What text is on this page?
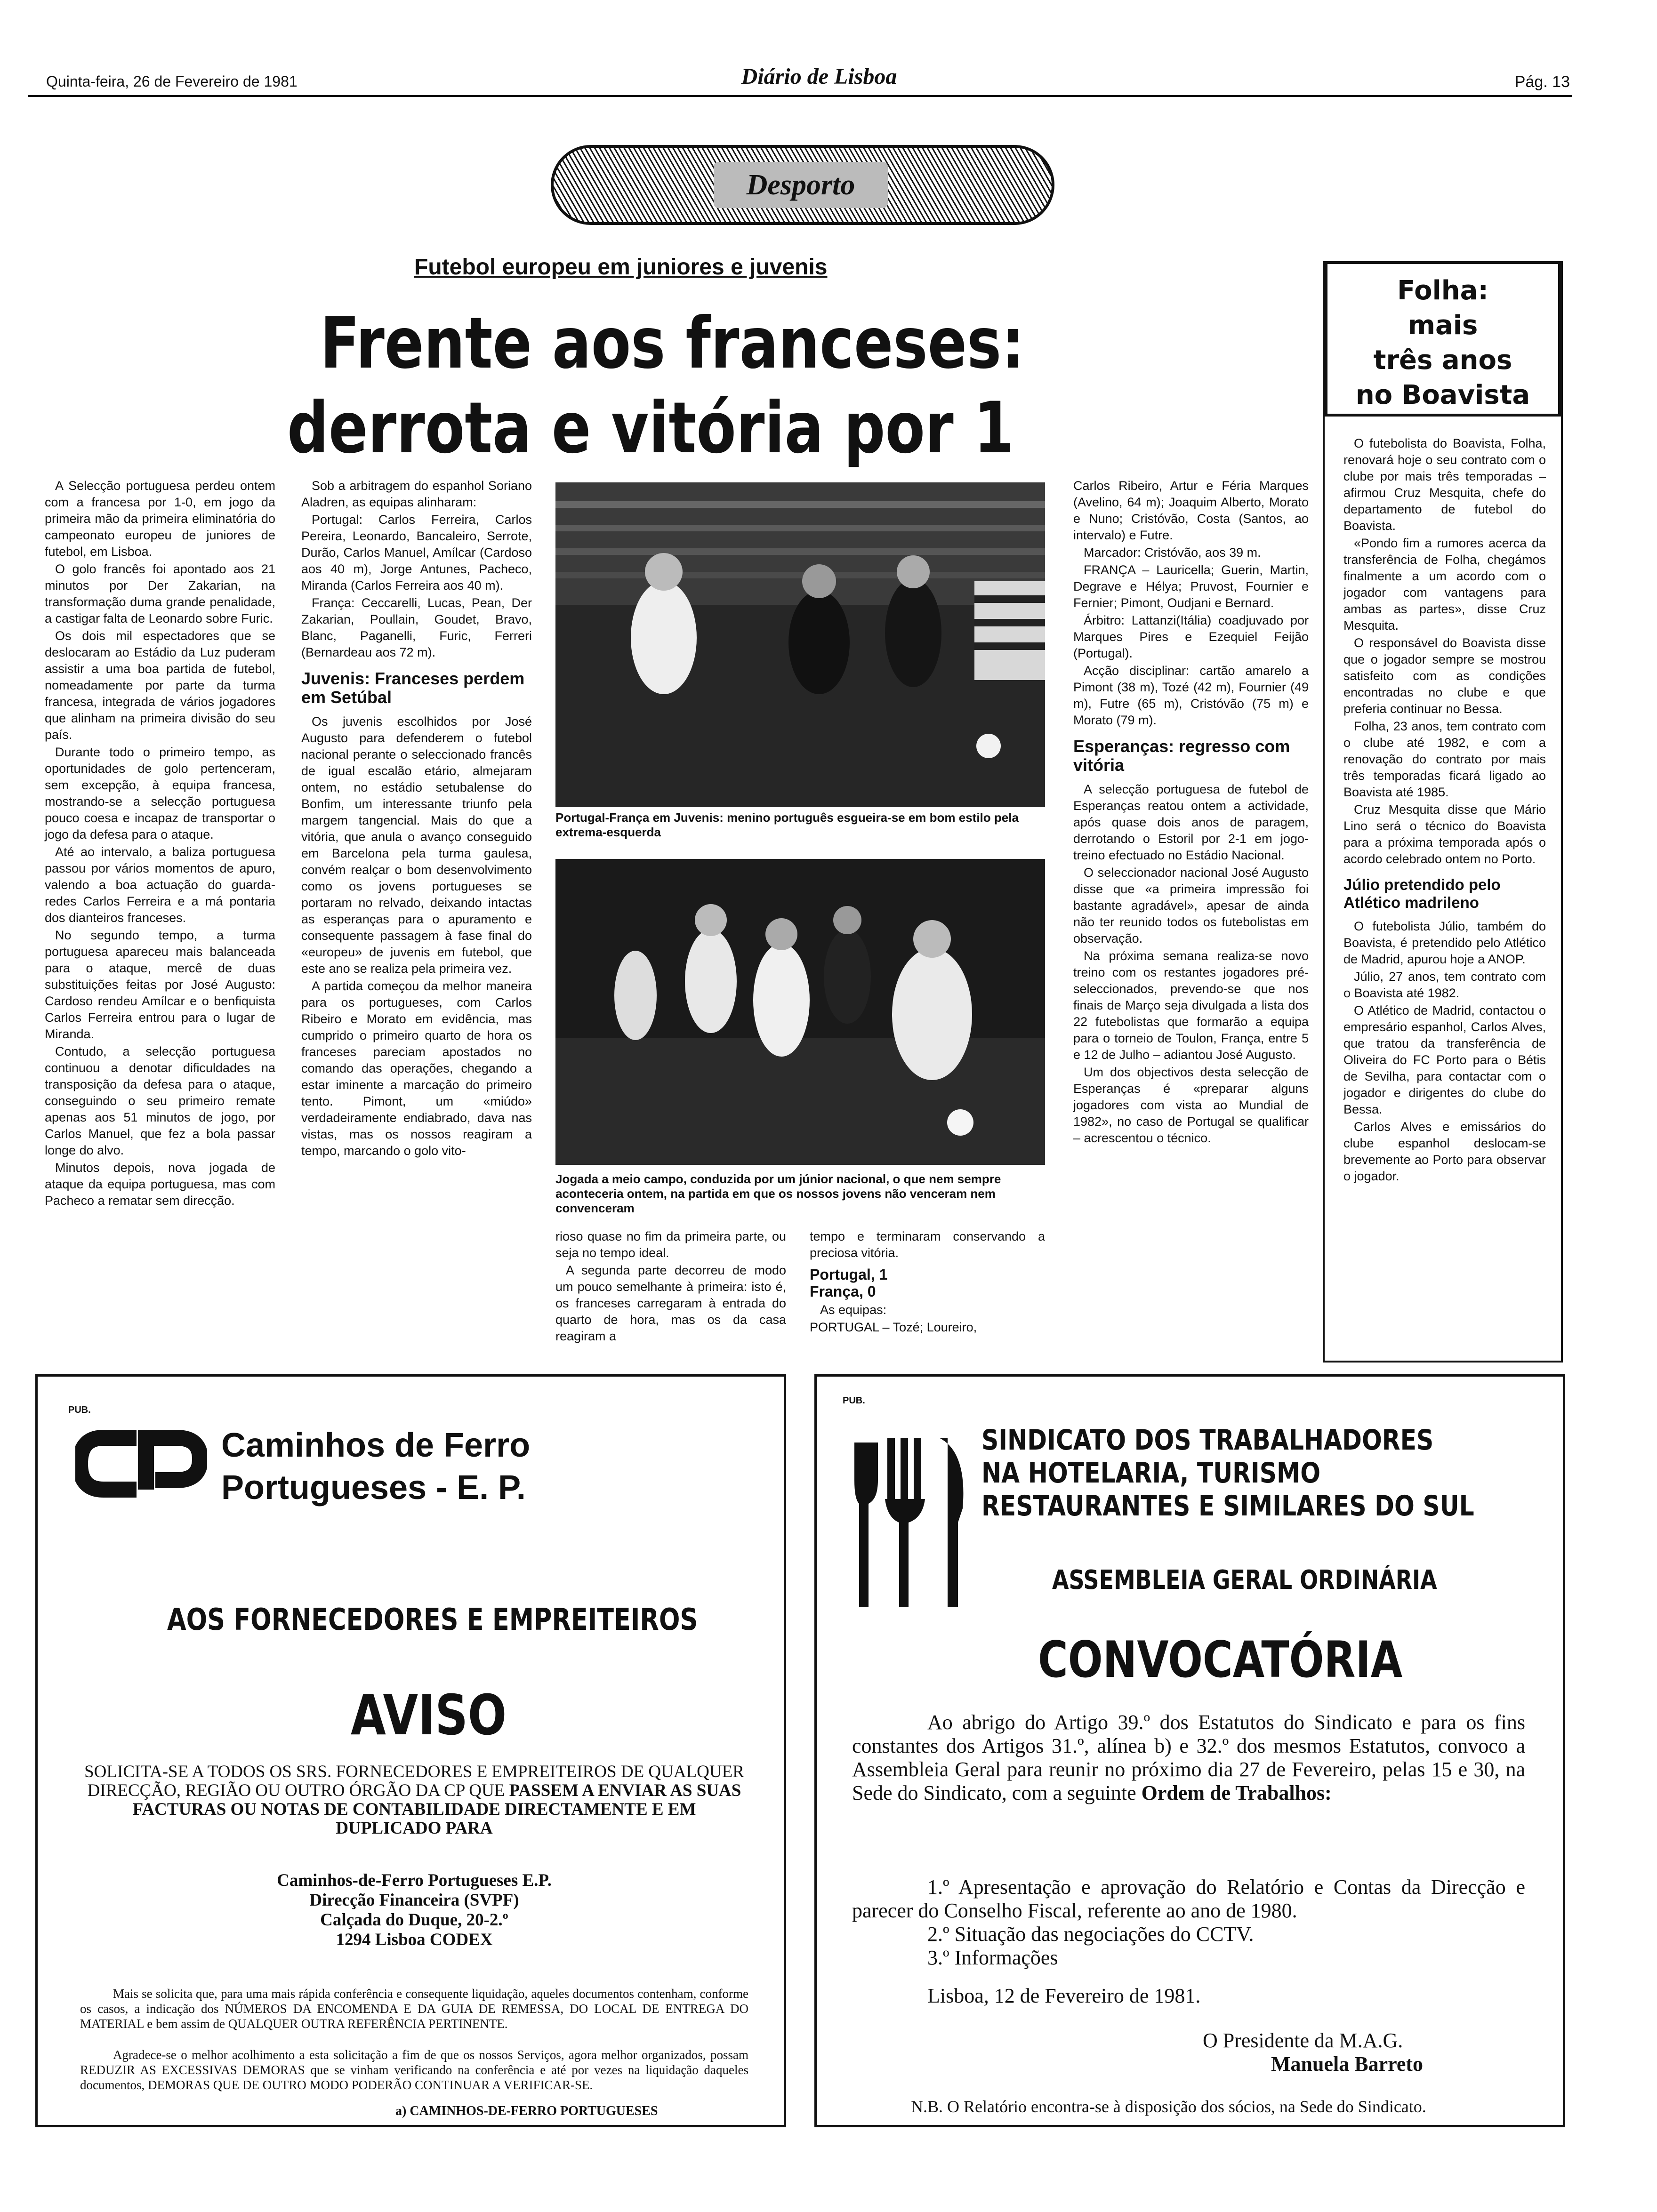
Quinta-feira, 26 de Fevereiro de 1981	Diário de Lisboa	Pág. 13
Desporto
Futebol europeu em juniores e juvenis
Frente aos franceses:
derrota e vitória por 1

A Selecção portuguesa perdeu ontem com a francesa por 1-0, em jogo da primeira mão da primeira eliminatória do campeonato europeu de juniores de futebol, em Lisboa.

O golo francês foi apontado aos 21 minutos por Der Zakarian, na transformação duma grande penalidade, a castigar falta de Leonardo sobre Furic.

Os dois mil espectadores que se deslocaram ao Estádio da Luz puderam assistir a uma boa partida de futebol, nomeadamente por parte da turma francesa, integrada de vários jogadores que alinham na primeira divisão do seu país.

Durante todo o primeiro tempo, as oportunidades de golo pertenceram, sem excepção, à equipa francesa, mostrando-se a selecção portuguesa pouco coesa e incapaz de transportar o jogo da defesa para o ataque.

Até ao intervalo, a baliza portuguesa passou por vários momentos de apuro, valendo a boa actuação do guarda-redes Carlos Ferreira e a má pontaria dos dianteiros franceses.

No segundo tempo, a turma portuguesa apareceu mais balanceada para o ataque, mercê de duas substituições feitas por José Augusto: Cardoso rendeu Amílcar e o benfiquista Carlos Ferreira entrou para o lugar de Miranda.

Contudo, a selecção portuguesa continuou a denotar dificuldades na transposição da defesa para o ataque, conseguindo o seu primeiro remate apenas aos 51 minutos de jogo, por Carlos Manuel, que fez a bola passar longe do alvo.

Minutos depois, nova jogada de ataque da equipa portuguesa, mas com Pacheco a rematar sem direcção.

Sob a arbitragem do espanhol Soriano Aladren, as equipas alinharam:

Portugal: Carlos Ferreira, Carlos Pereira, Leonardo, Bancaleiro, Serrote, Durão, Carlos Manuel, Amílcar (Cardoso aos 40 m), Jorge Antunes, Pacheco, Miranda (Carlos Ferreira aos 40 m).

França: Ceccarelli, Lucas, Pean, Der Zakarian, Poullain, Goudet, Bravo, Blanc, Paganelli, Furic, Ferreri (Bernardeau aos 72 m).

Juvenis: Franceses perdem em Setúbal

Os juvenis escolhidos por José Augusto para defenderem o futebol nacional perante o seleccionado francês de igual escalão etário, almejaram ontem, no estádio setubalense do Bonfim, um interessante triunfo pela margem tangencial. Mais do que a vitória, que anula o avanço conseguido em Barcelona pela turma gaulesa, convém realçar o bom desenvolvimento como os jovens portugueses se portaram no relvado, deixando intactas as esperanças para o apuramento e consequente passagem à fase final do «europeu» de juvenis em futebol, que este ano se realiza pela primeira vez.

A partida começou da melhor maneira para os portugueses, com Carlos Ribeiro e Morato em evidência, mas cumprido o primeiro quarto de hora os franceses pareciam apostados no comando das operações, chegando a estar iminente a marcação do primeiro tento. Pimont, um «miúdo» verdadeiramente endiabrado, dava nas vistas, mas os nossos reagiram a tempo, marcando o golo vito-

Portugal-França em Juvenis: menino português esgueira-se em bom estilo pela extrema-esquerda
Jogada a meio campo, conduzida por um júnior nacional, o que nem sempre aconteceria ontem, na partida em que os nossos jovens não venceram nem convenceram

rioso quase no fim da primeira parte, ou seja no tempo ideal.

A segunda parte decorreu de modo um pouco semelhante à primeira: isto é, os franceses carregaram à entrada do quarto de hora, mas os da casa reagiram a

tempo e terminaram conservando a preciosa vitória.

Portugal, 1

França, 0

As equipas:

PORTUGAL – Tozé; Loureiro,

Carlos Ribeiro, Artur e Féria Marques (Avelino, 64 m); Joaquim Alberto, Morato e Nuno; Cristóvão, Costa (Santos, ao intervalo) e Futre.

Marcador: Cristóvão, aos 39 m.

FRANÇA – Lauricella; Guerin, Martin, Degrave e Hélya; Pruvost, Fournier e Fernier; Pimont, Oudjani e Bernard.

Árbitro: Lattanzi(Itália) coadjuvado por Marques Pires e Ezequiel Feijão (Portugal).

Acção disciplinar: cartão amarelo a Pimont (38 m), Tozé (42 m), Fournier (49 m), Futre (65 m), Cristóvão (75 m) e Morato (79 m).

Esperanças: regresso com vitória

A selecção portuguesa de futebol de Esperanças reatou ontem a actividade, após quase dois anos de paragem, derrotando o Estoril por 2-1 em jogo-treino efectuado no Estádio Nacional.

O seleccionador nacional José Augusto disse que «a primeira impressão foi bastante agradável», apesar de ainda não ter reunido todos os futebolistas em observação.

Na próxima semana realiza-se novo treino com os restantes jogadores pré-seleccionados, prevendo-se que nos finais de Março seja divulgada a lista dos 22 futebolistas que formarão a equipa para o torneio de Toulon, França, entre 5 e 12 de Julho – adiantou José Augusto.

Um dos objectivos desta selecção de Esperanças é «preparar alguns jogadores com vista ao Mundial de 1982», no caso de Portugal se qualificar – acrescentou o técnico.

Folha:
mais
três anos
no Boavista

O futebolista do Boavista, Folha, renovará hoje o seu contrato com o clube por mais três temporadas – afirmou Cruz Mesquita, chefe do departamento de futebol do Boavista.

«Pondo fim a rumores acerca da transferência de Folha, chegámos finalmente a um acordo com o jogador com vantagens para ambas as partes», disse Cruz Mesquita.

O responsável do Boavista disse que o jogador sempre se mostrou satisfeito com as condições encontradas no clube e que preferia continuar no Bessa.

Folha, 23 anos, tem contrato com o clube até 1982, e com a renovação do contrato por mais três temporadas ficará ligado ao Boavista até 1985.

Cruz Mesquita disse que Mário Lino será o técnico do Boavista para a próxima temporada após o acordo celebrado ontem no Porto.

Júlio pretendido pelo Atlético madrileno

O futebolista Júlio, também do Boavista, é pretendido pelo Atlético de Madrid, apurou hoje a ANOP.

Júlio, 27 anos, tem contrato com o Boavista até 1982.

O Atlético de Madrid, contactou o empresário espanhol, Carlos Alves, que tratou da transferência de Oliveira do FC Porto para o Bétis de Sevilha, para contactar com o jogador e dirigentes do clube do Bessa.

Carlos Alves e emissários do clube espanhol deslocam-se brevemente ao Porto para observar o jogador.

PUB.
Caminhos de Ferro
Portugueses - E. P.
AOS FORNECEDORES E EMPREITEIROS
AVISO
SOLICITA-SE A TODOS OS SRS. FORNECEDORES E EMPREITEIROS DE QUALQUER DIRECÇÃO, REGIÃO OU OUTRO ÓRGÃO DA CP QUE PASSEM A ENVIAR AS SUAS FACTURAS OU NOTAS DE CONTABILIDADE DIRECTAMENTE E EM DUPLICADO PARA
Caminhos-de-Ferro Portugueses E.P.
Direcção Financeira (SVPF)
Calçada do Duque, 20-2.º
1294 Lisboa CODEX
Mais se solicita que, para uma mais rápida conferência e consequente liquidação, aqueles documentos contenham, conforme os casos, a indicação dos NÚMEROS DA ENCOMENDA E DA GUIA DE REMESSA, DO LOCAL DE ENTREGA DO MATERIAL e bem assim de QUALQUER OUTRA REFERÊNCIA PERTINENTE.
Agradece-se o melhor acolhimento a esta solicitação a fim de que os nossos Serviços, agora melhor organizados, possam REDUZIR AS EXCESSIVAS DEMORAS que se vinham verificando na conferência e até por vezes na liquidação daqueles documentos, DEMORAS QUE DE OUTRO MODO PODERÃO CONTINUAR A VERIFICAR-SE.
a) CAMINHOS-DE-FERRO PORTUGUESES
PUB.
SINDICATO DOS TRABALHADORES
NA HOTELARIA, TURISMO
RESTAURANTES E SIMILARES DO SUL
ASSEMBLEIA GERAL ORDINÁRIA
CONVOCATÓRIA
Ao abrigo do Artigo 39.º dos Estatutos do Sindicato e para os fins constantes dos Artigos 31.º, alínea b) e 32.º dos mesmos Estatutos, convoco a Assembleia Geral para reunir no próximo dia 27 de Fevereiro, pelas 15 e 30, na Sede do Sindicato, com a seguinte Ordem de Trabalhos:
1.º Apresentação e aprovação do Relatório e Contas da Direcção e parecer do Conselho Fiscal, referente ao ano de 1980.
2.º Situação das negociações do CCTV.
3.º Informações
Lisboa, 12 de Fevereiro de 1981.
O Presidente da M.A.G.
Manuela Barreto
N.B. O Relatório encontra-se à disposição dos sócios, na Sede do Sindicato.
